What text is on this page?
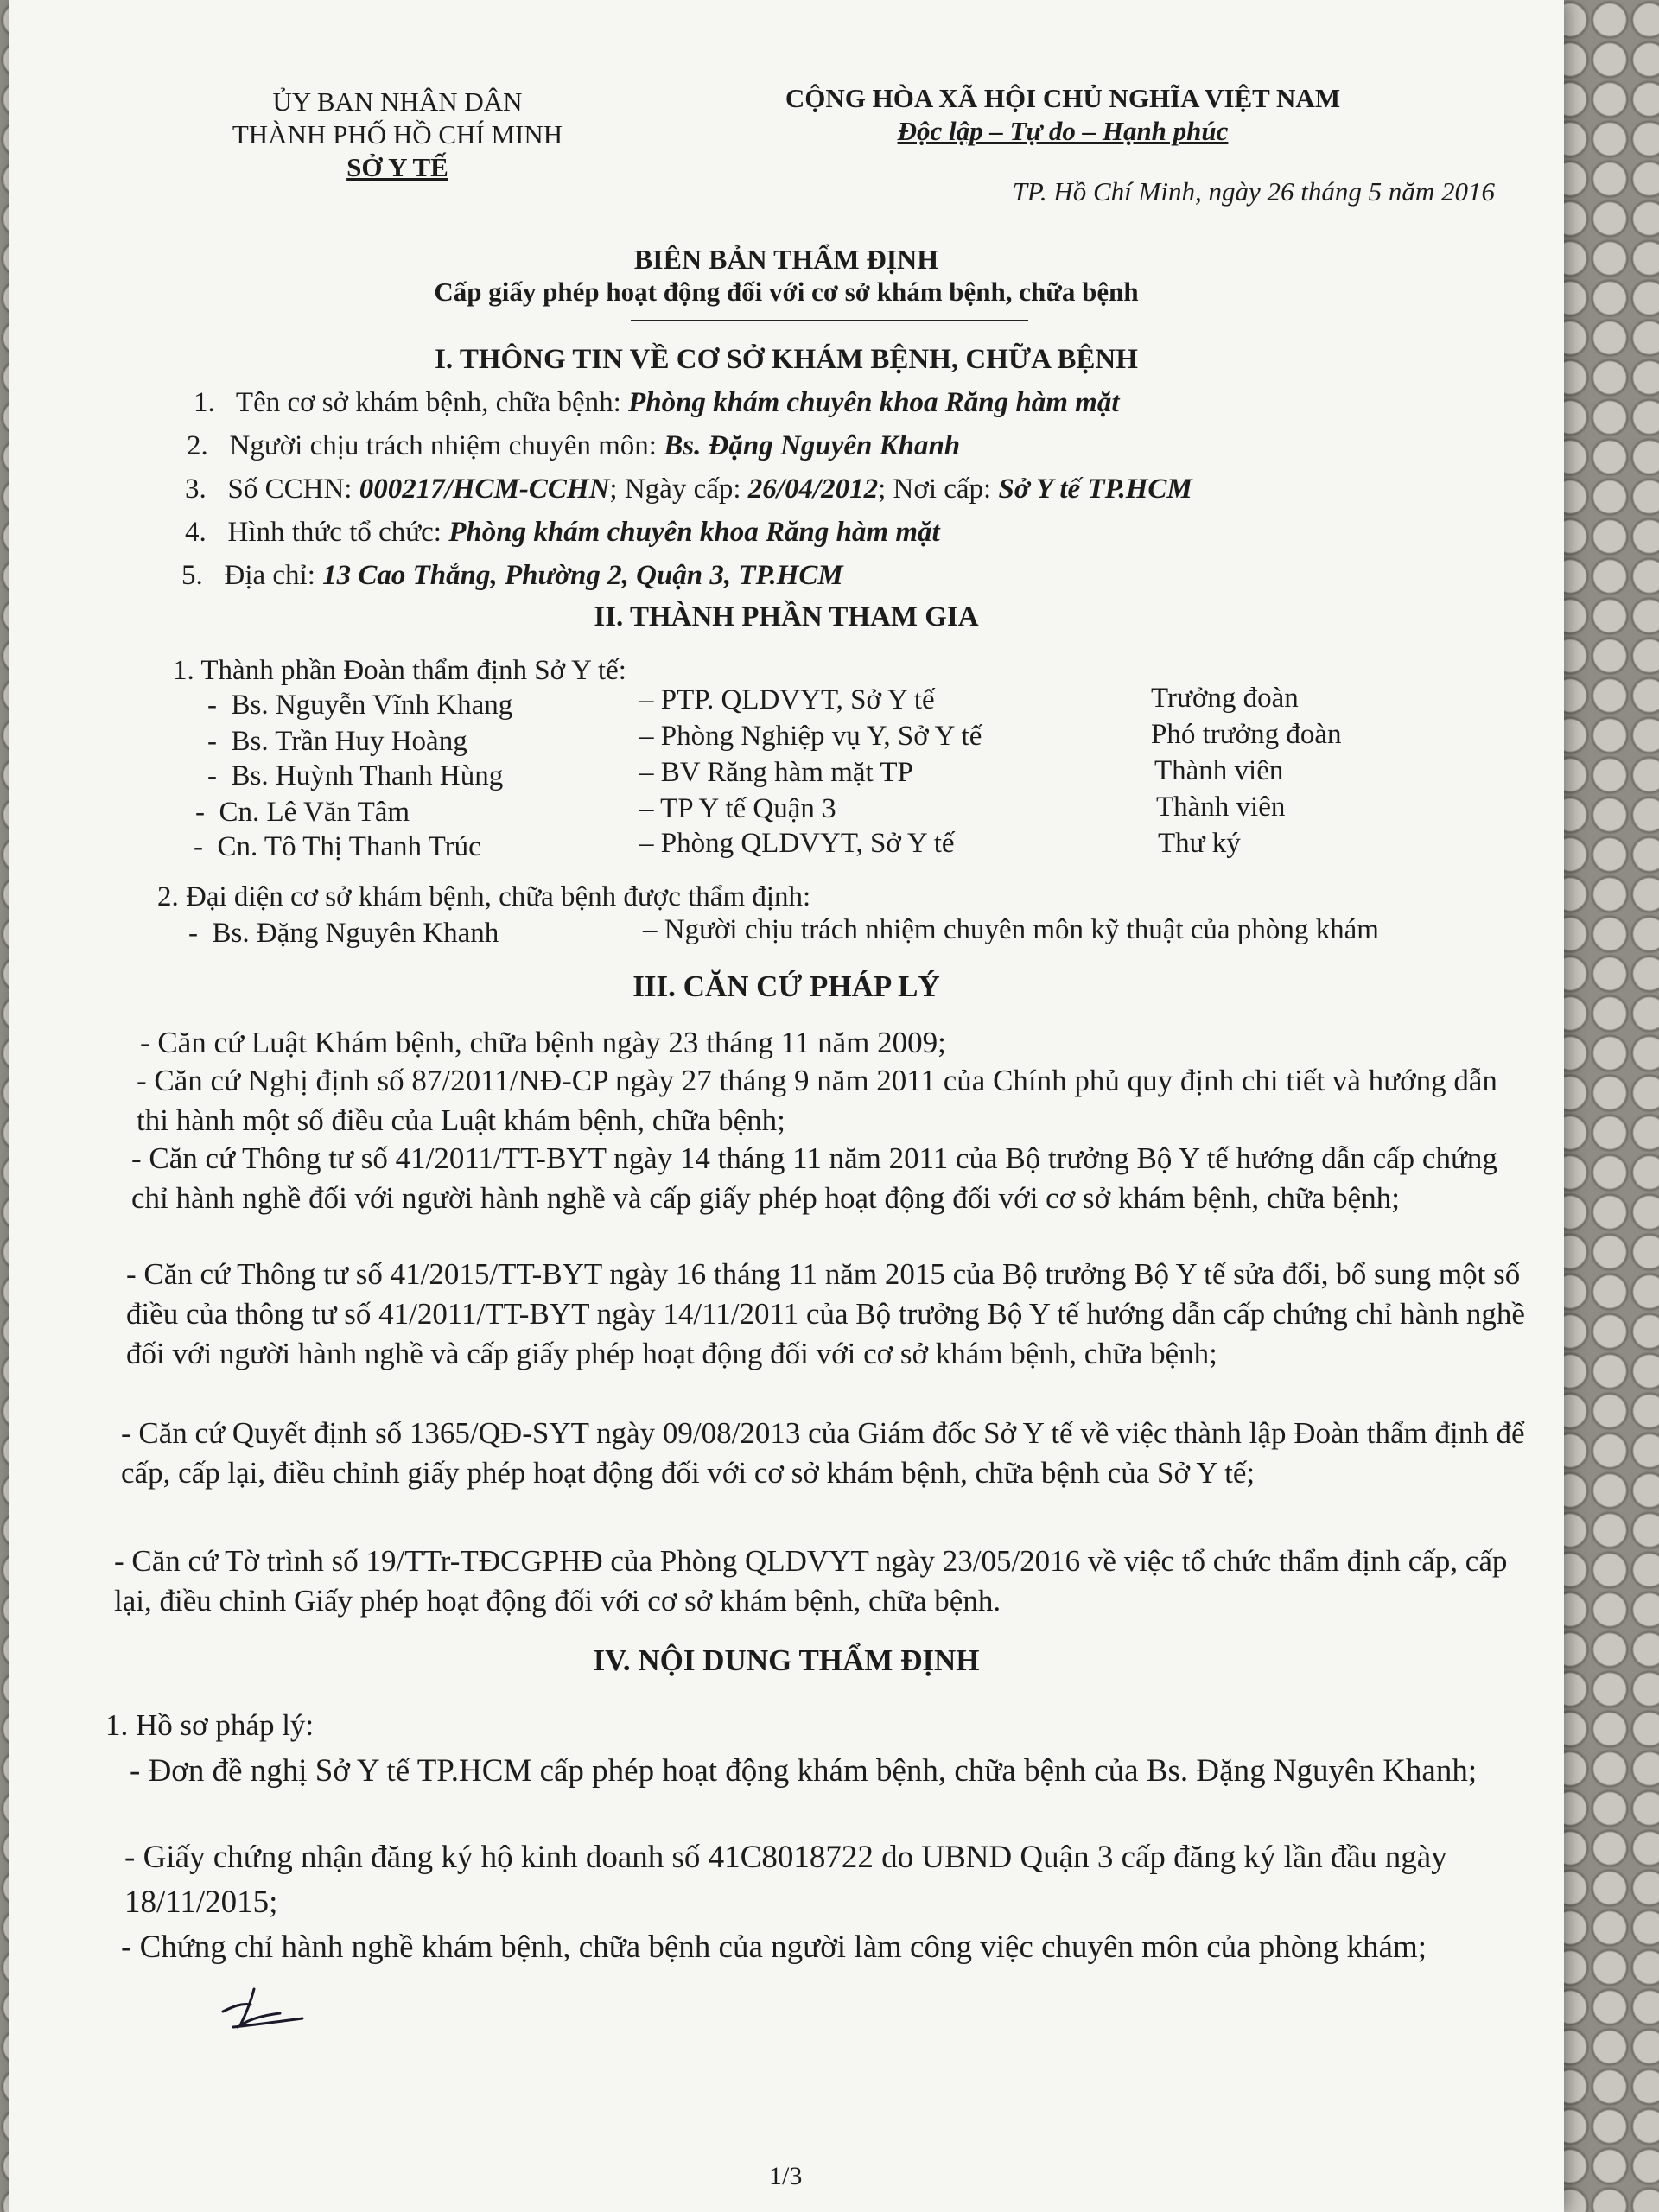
ỦY BAN NHÂN DÂN
THÀNH PHỐ HỒ CHÍ MINH
SỞ Y TẾ
CỘNG HÒA XÃ HỘI CHỦ NGHĨA VIỆT NAM
Độc lập – Tự do – Hạnh phúc
TP. Hồ Chí Minh, ngày 26 tháng 5 năm 2016
BIÊN BẢN THẨM ĐỊNH
Cấp giấy phép hoạt động đối với cơ sở khám bệnh, chữa bệnh
I. THÔNG TIN VỀ CƠ SỞ KHÁM BỆNH, CHỮA BỆNH
1. Tên cơ sở khám bệnh, chữa bệnh: Phòng khám chuyên khoa Răng hàm mặt
2. Người chịu trách nhiệm chuyên môn: Bs. Đặng Nguyên Khanh
3. Số CCHN: 000217/HCM-CCHN; Ngày cấp: 26/04/2012; Nơi cấp: Sở Y tế TP.HCM
4. Hình thức tổ chức: Phòng khám chuyên khoa Răng hàm mặt
5. Địa chỉ: 13 Cao Thắng, Phường 2, Quận 3, TP.HCM
II. THÀNH PHẦN THAM GIA
1. Thành phần Đoàn thẩm định Sở Y tế:
-  Bs. Nguyễn Vĩnh Khang	– PTP. QLDVYT, Sở Y tế	Trưởng đoàn
-  Bs. Trần Huy Hoàng	– Phòng Nghiệp vụ Y, Sở Y tế	Phó trưởng đoàn
-  Bs. Huỳnh Thanh Hùng	– BV Răng hàm mặt TP	Thành viên
-  Cn. Lê Văn Tâm	– TP Y tế Quận 3	Thành viên
-  Cn. Tô Thị Thanh Trúc	– Phòng QLDVYT, Sở Y tế	Thư ký
2. Đại diện cơ sở khám bệnh, chữa bệnh được thẩm định:
-  Bs. Đặng Nguyên Khanh	– Người chịu trách nhiệm chuyên môn kỹ thuật của phòng khám
III. CĂN CỨ PHÁP LÝ
- Căn cứ Luật Khám bệnh, chữa bệnh ngày 23 tháng 11 năm 2009;
- Căn cứ Nghị định số 87/2011/NĐ-CP ngày 27 tháng 9 năm 2011 của Chính phủ quy định chi tiết và hướng dẫn thi hành một số điều của Luật khám bệnh, chữa bệnh;
- Căn cứ Thông tư số 41/2011/TT-BYT ngày 14 tháng 11 năm 2011 của Bộ trưởng Bộ Y tế hướng dẫn cấp chứng chỉ hành nghề đối với người hành nghề và cấp giấy phép hoạt động đối với cơ sở khám bệnh, chữa bệnh;
- Căn cứ Thông tư số 41/2015/TT-BYT ngày 16 tháng 11 năm 2015 của Bộ trưởng Bộ Y tế sửa đổi, bổ sung một số điều của thông tư số 41/2011/TT-BYT ngày 14/11/2011 của Bộ trưởng Bộ Y tế hướng dẫn cấp chứng chỉ hành nghề đối với người hành nghề và cấp giấy phép hoạt động đối với cơ sở khám bệnh, chữa bệnh;
- Căn cứ Quyết định số 1365/QĐ-SYT ngày 09/08/2013 của Giám đốc Sở Y tế về việc thành lập Đoàn thẩm định để cấp, cấp lại, điều chỉnh giấy phép hoạt động đối với cơ sở khám bệnh, chữa bệnh của Sở Y tế;
- Căn cứ Tờ trình số 19/TTr-TĐCGPHĐ của Phòng QLDVYT ngày 23/05/2016 về việc tổ chức thẩm định cấp, cấp lại, điều chỉnh Giấy phép hoạt động đối với cơ sở khám bệnh, chữa bệnh.
IV. NỘI DUNG THẨM ĐỊNH
1. Hồ sơ pháp lý:
- Đơn đề nghị Sở Y tế TP.HCM cấp phép hoạt động khám bệnh, chữa bệnh của Bs. Đặng Nguyên Khanh;
- Giấy chứng nhận đăng ký hộ kinh doanh số 41C8018722 do UBND Quận 3 cấp đăng ký lần đầu ngày 18/11/2015;
- Chứng chỉ hành nghề khám bệnh, chữa bệnh của người làm công việc chuyên môn của phòng khám;
1/3
